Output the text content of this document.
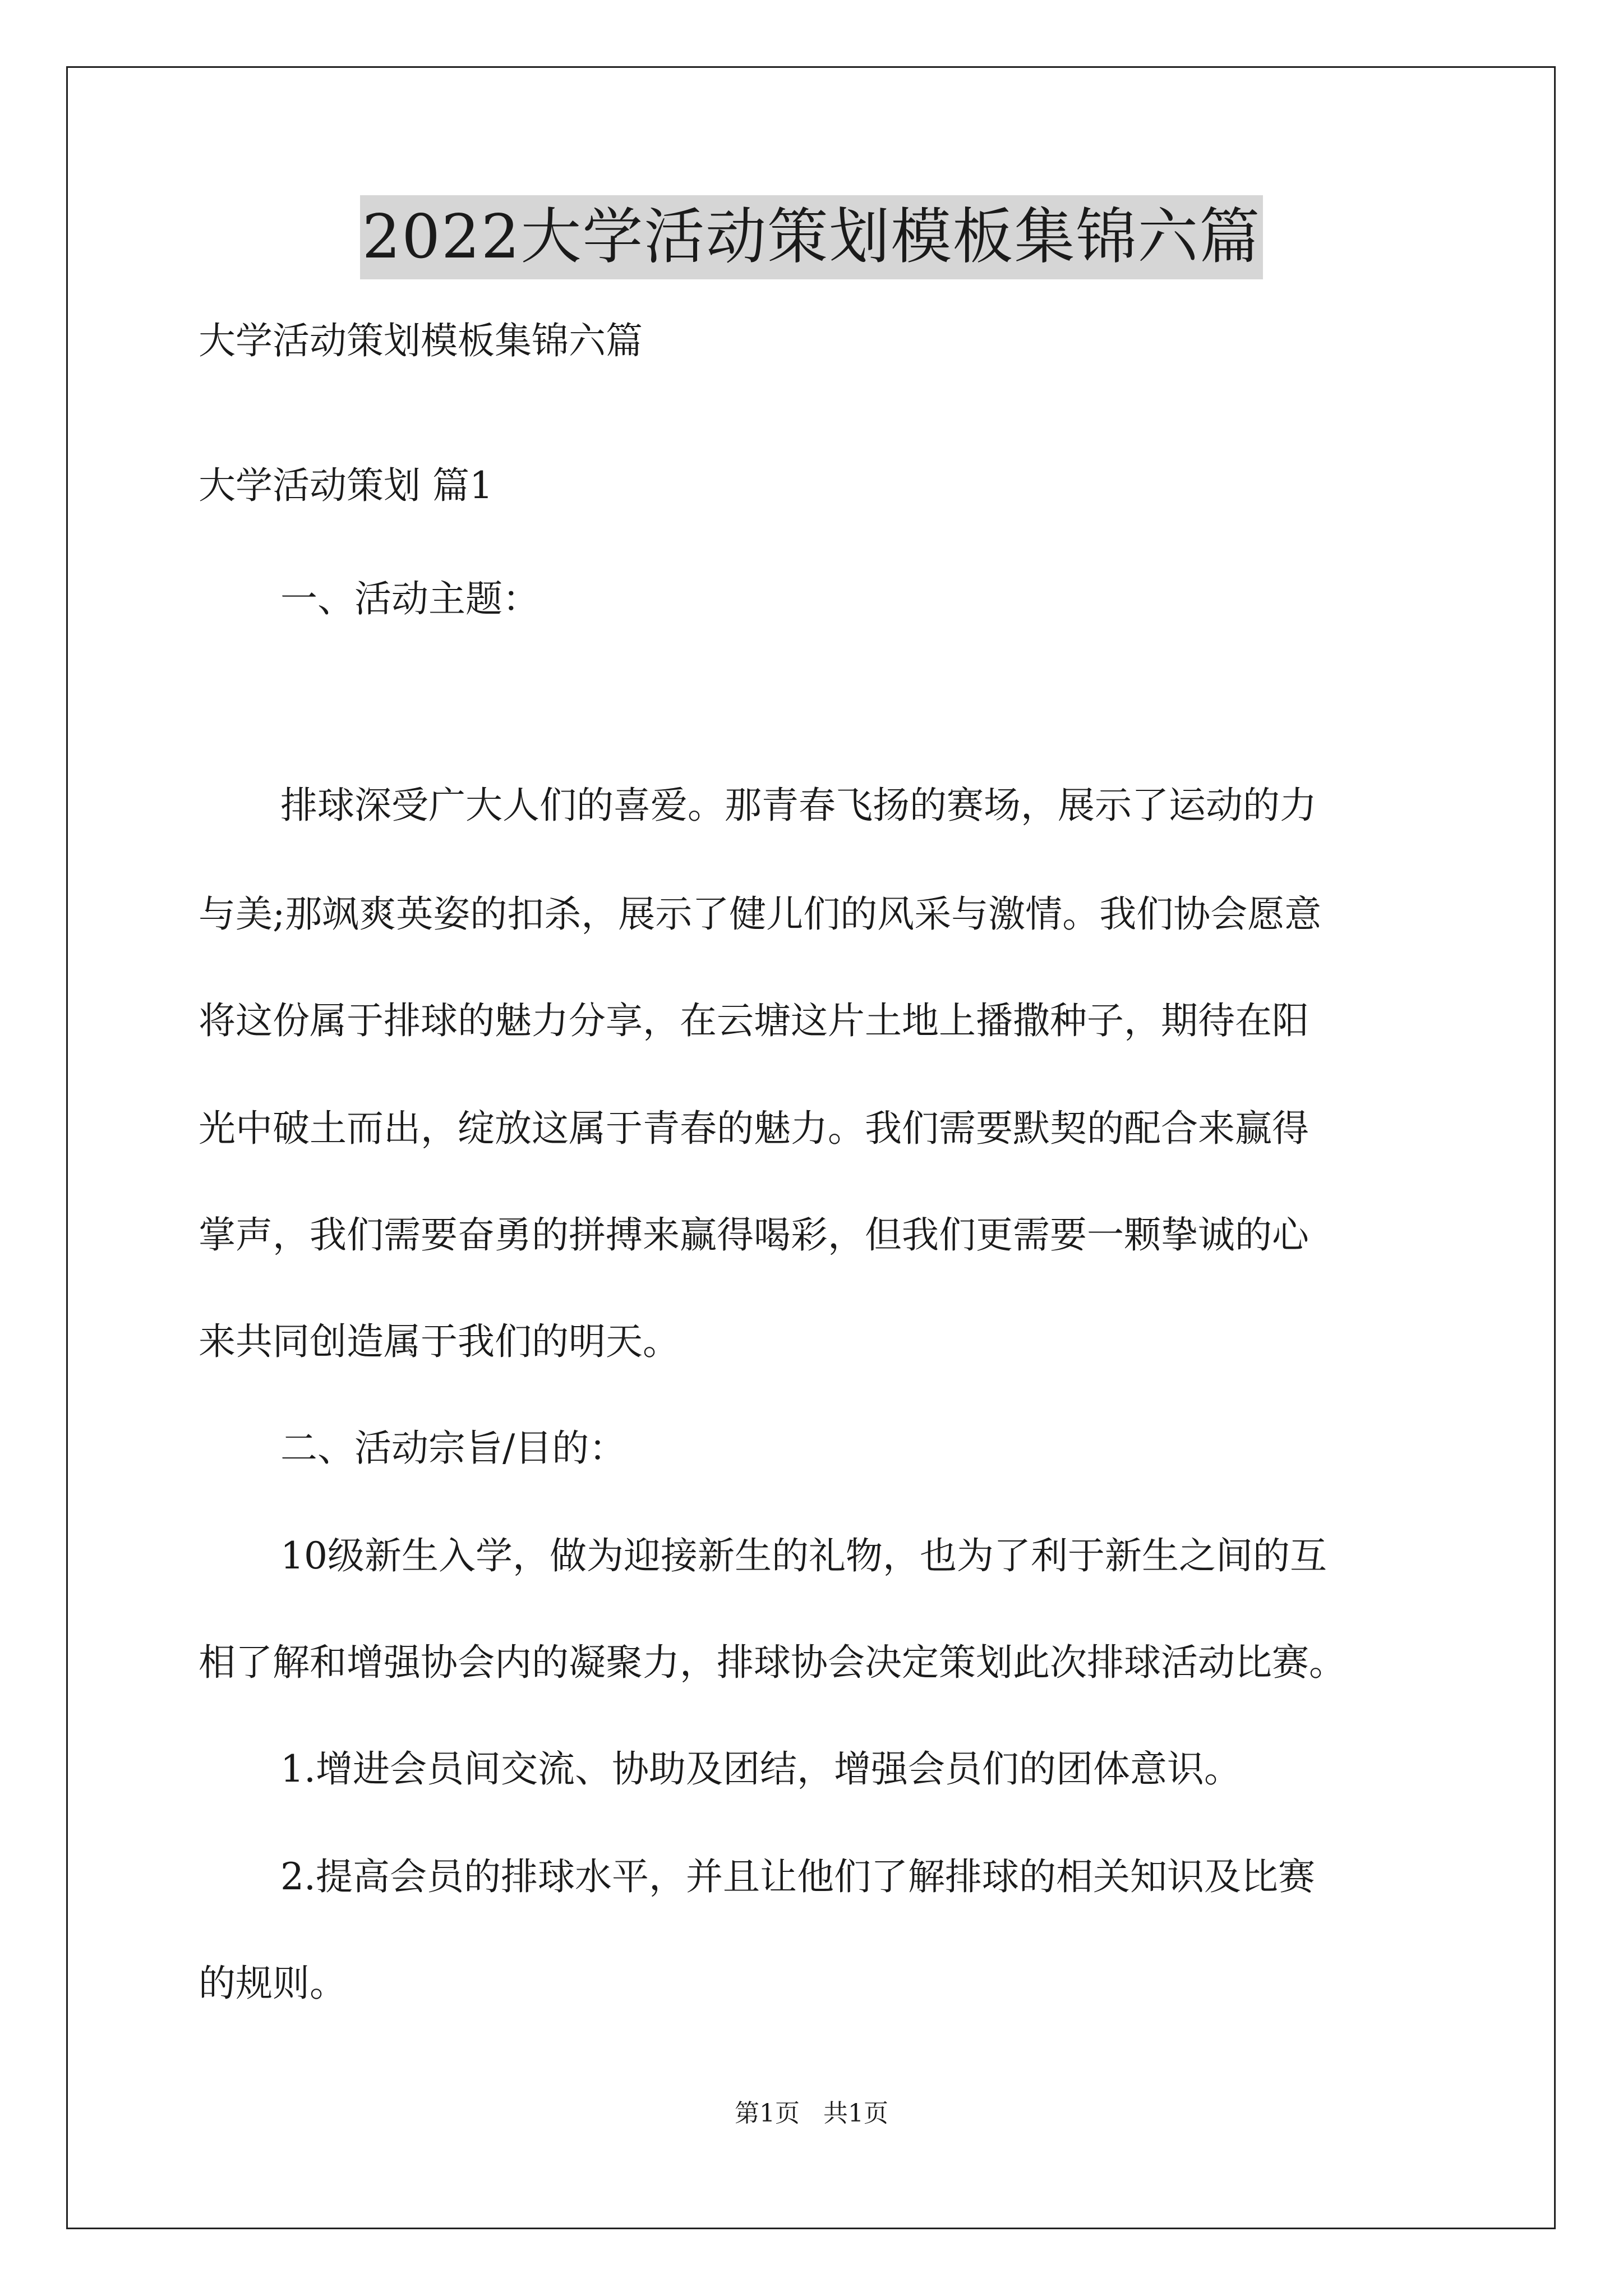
2022大学活动策划模板集锦六篇
大学活动策划模板集锦六篇
大学活动策划 篇1
一、活动主题：
排球深受广大人们的喜爱。那青春飞扬的赛场，展示了运动的力
与美;那飒爽英姿的扣杀，展示了健儿们的风采与激情。我们协会愿意
将这份属于排球的魅力分享，在云塘这片土地上播撒种子，期待在阳
光中破土而出，绽放这属于青春的魅力。我们需要默契的配合来赢得
掌声，我们需要奋勇的拼搏来赢得喝彩，但我们更需要一颗挚诚的心
来共同创造属于我们的明天。
二、活动宗旨/目的：
10级新生入学，做为迎接新生的礼物，也为了利于新生之间的互
相了解和增强协会内的凝聚力，排球协会决定策划此次排球活动比赛。
1.增进会员间交流、协助及团结，增强会员们的团体意识。
2.提高会员的排球水平，并且让他们了解排球的相关知识及比赛
的规则。
第1页 共1页
